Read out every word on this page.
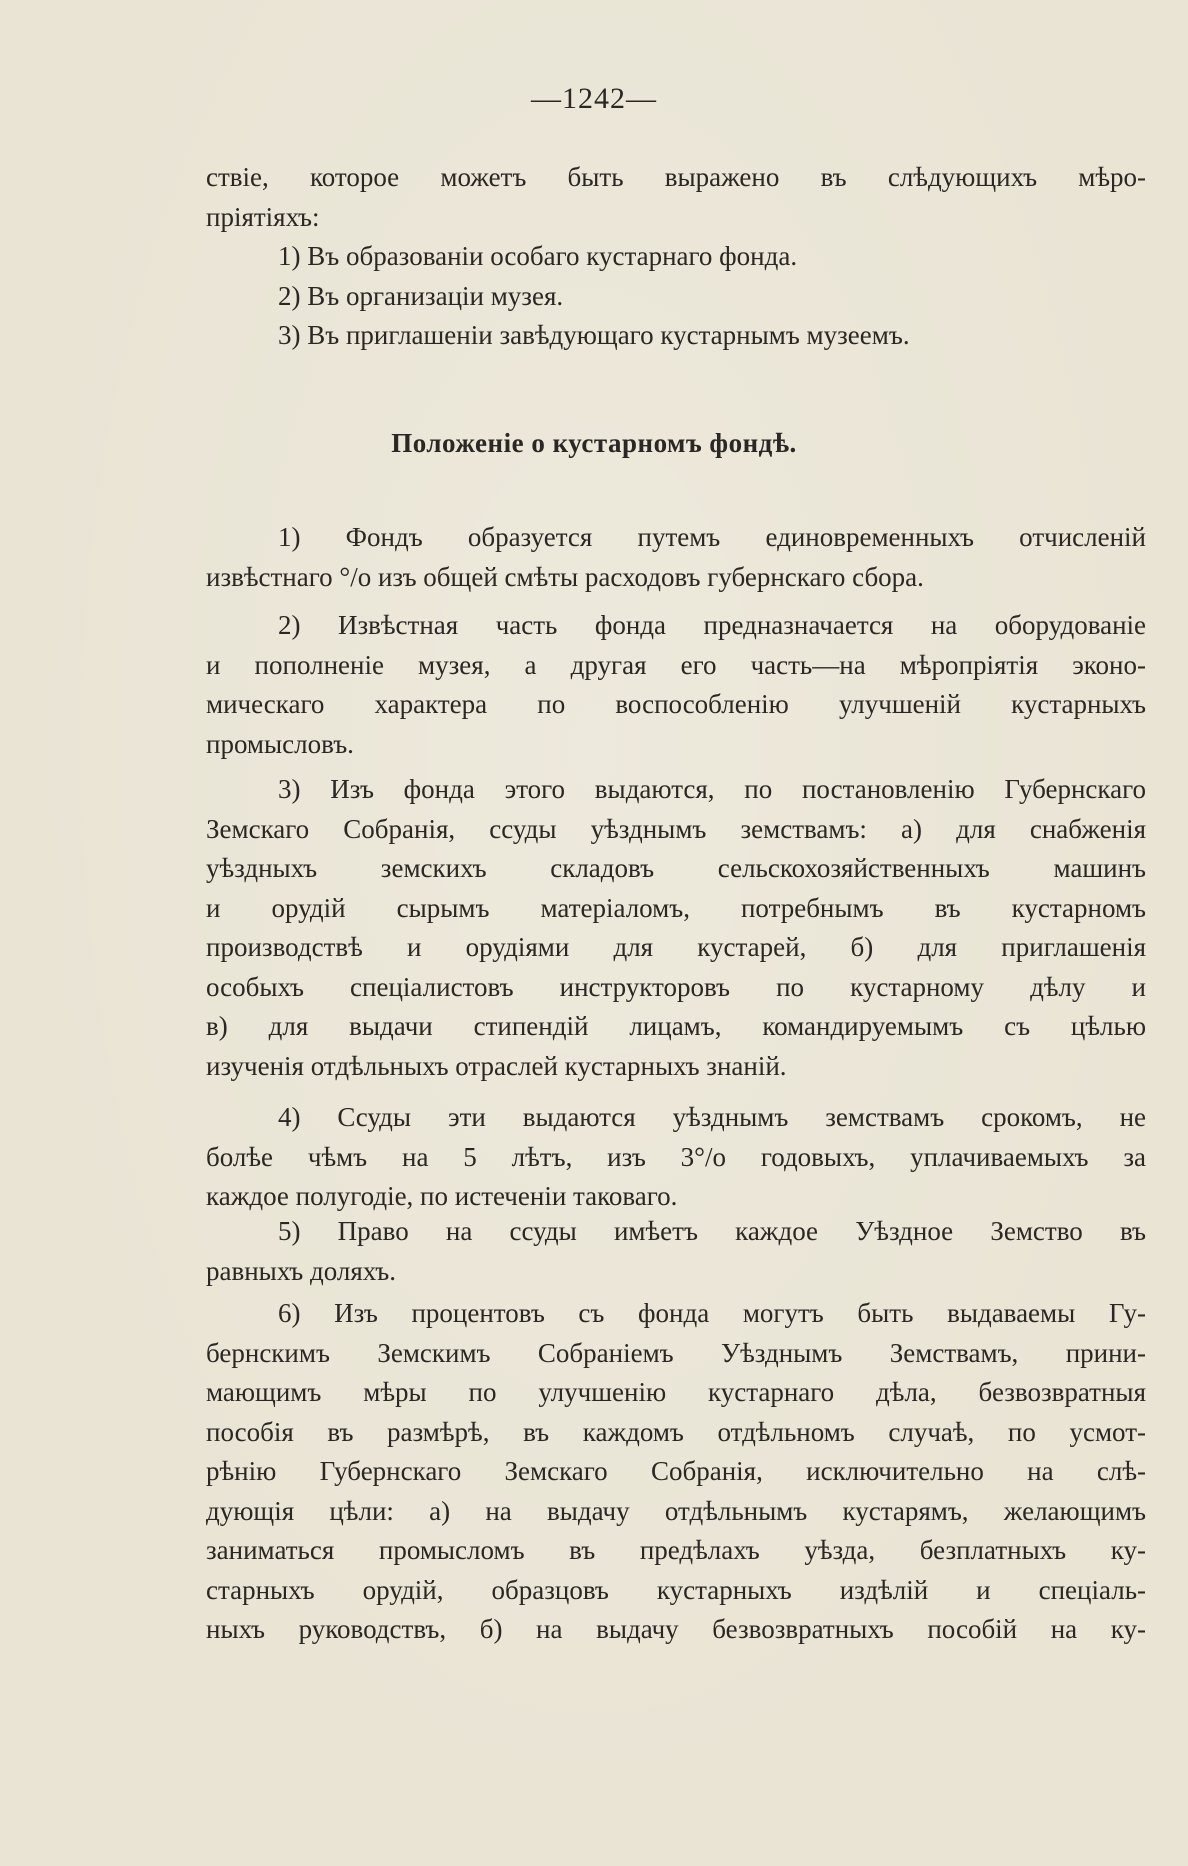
—1242—

ствіе, которое можетъ быть выражено въ слѣдующихъ мѣро-

пріятіяхъ:

1) Въ образованіи особаго кустарнаго фонда.

2) Въ организаціи музея.

3) Въ приглашеніи завѣдующаго кустарнымъ музеемъ.

Положеніе о кустарномъ фондѣ.

1) Фондъ образуется путемъ единовременныхъ отчисленій

извѣстнаго °/o изъ общей смѣты расходовъ губернскаго сбора.

2) Извѣстная часть фонда предназначается на оборудованіе

и пополненіе музея, а другая его часть—на мѣропріятія эконо-

мическаго характера по воспособленію улучшеній кустарныхъ

промысловъ.

3) Изъ фонда этого выдаются, по постановленію Губернскаго

Земскаго Собранія, ссуды уѣзднымъ земствамъ: а) для снабженія

уѣздныхъ земскихъ складовъ сельскохозяйственныхъ машинъ

и орудій сырымъ матеріаломъ, потребнымъ въ кустарномъ

производствѣ и орудіями для кустарей, б) для приглашенія

особыхъ спеціалистовъ инструкторовъ по кустарному дѣлу и

в) для выдачи стипендій лицамъ, командируемымъ съ цѣлью

изученія отдѣльныхъ отраслей кустарныхъ знаній.

4) Ссуды эти выдаются уѣзднымъ земствамъ срокомъ, не

болѣе чѣмъ на 5 лѣтъ, изъ 3°/o годовыхъ, уплачиваемыхъ за

каждое полугодіе, по истеченіи таковаго.

5) Право на ссуды имѣетъ каждое Уѣздное Земство въ

равныхъ доляхъ.

6) Изъ процентовъ съ фонда могутъ быть выдаваемы Гу-

бернскимъ Земскимъ Собраніемъ Уѣзднымъ Земствамъ, прини-

мающимъ мѣры по улучшенію кустарнаго дѣла, безвозвратныя

пособія въ размѣрѣ, въ каждомъ отдѣльномъ случаѣ, по усмот-

рѣнію Губернскаго Земскаго Собранія, исключительно на слѣ-

дующія цѣли: а) на выдачу отдѣльнымъ кустарямъ, желающимъ

заниматься промысломъ въ предѣлахъ уѣзда, безплатныхъ ку-

старныхъ орудій, образцовъ кустарныхъ издѣлій и спеціаль-

ныхъ руководствъ, б) на выдачу безвозвратныхъ пособій на ку-
